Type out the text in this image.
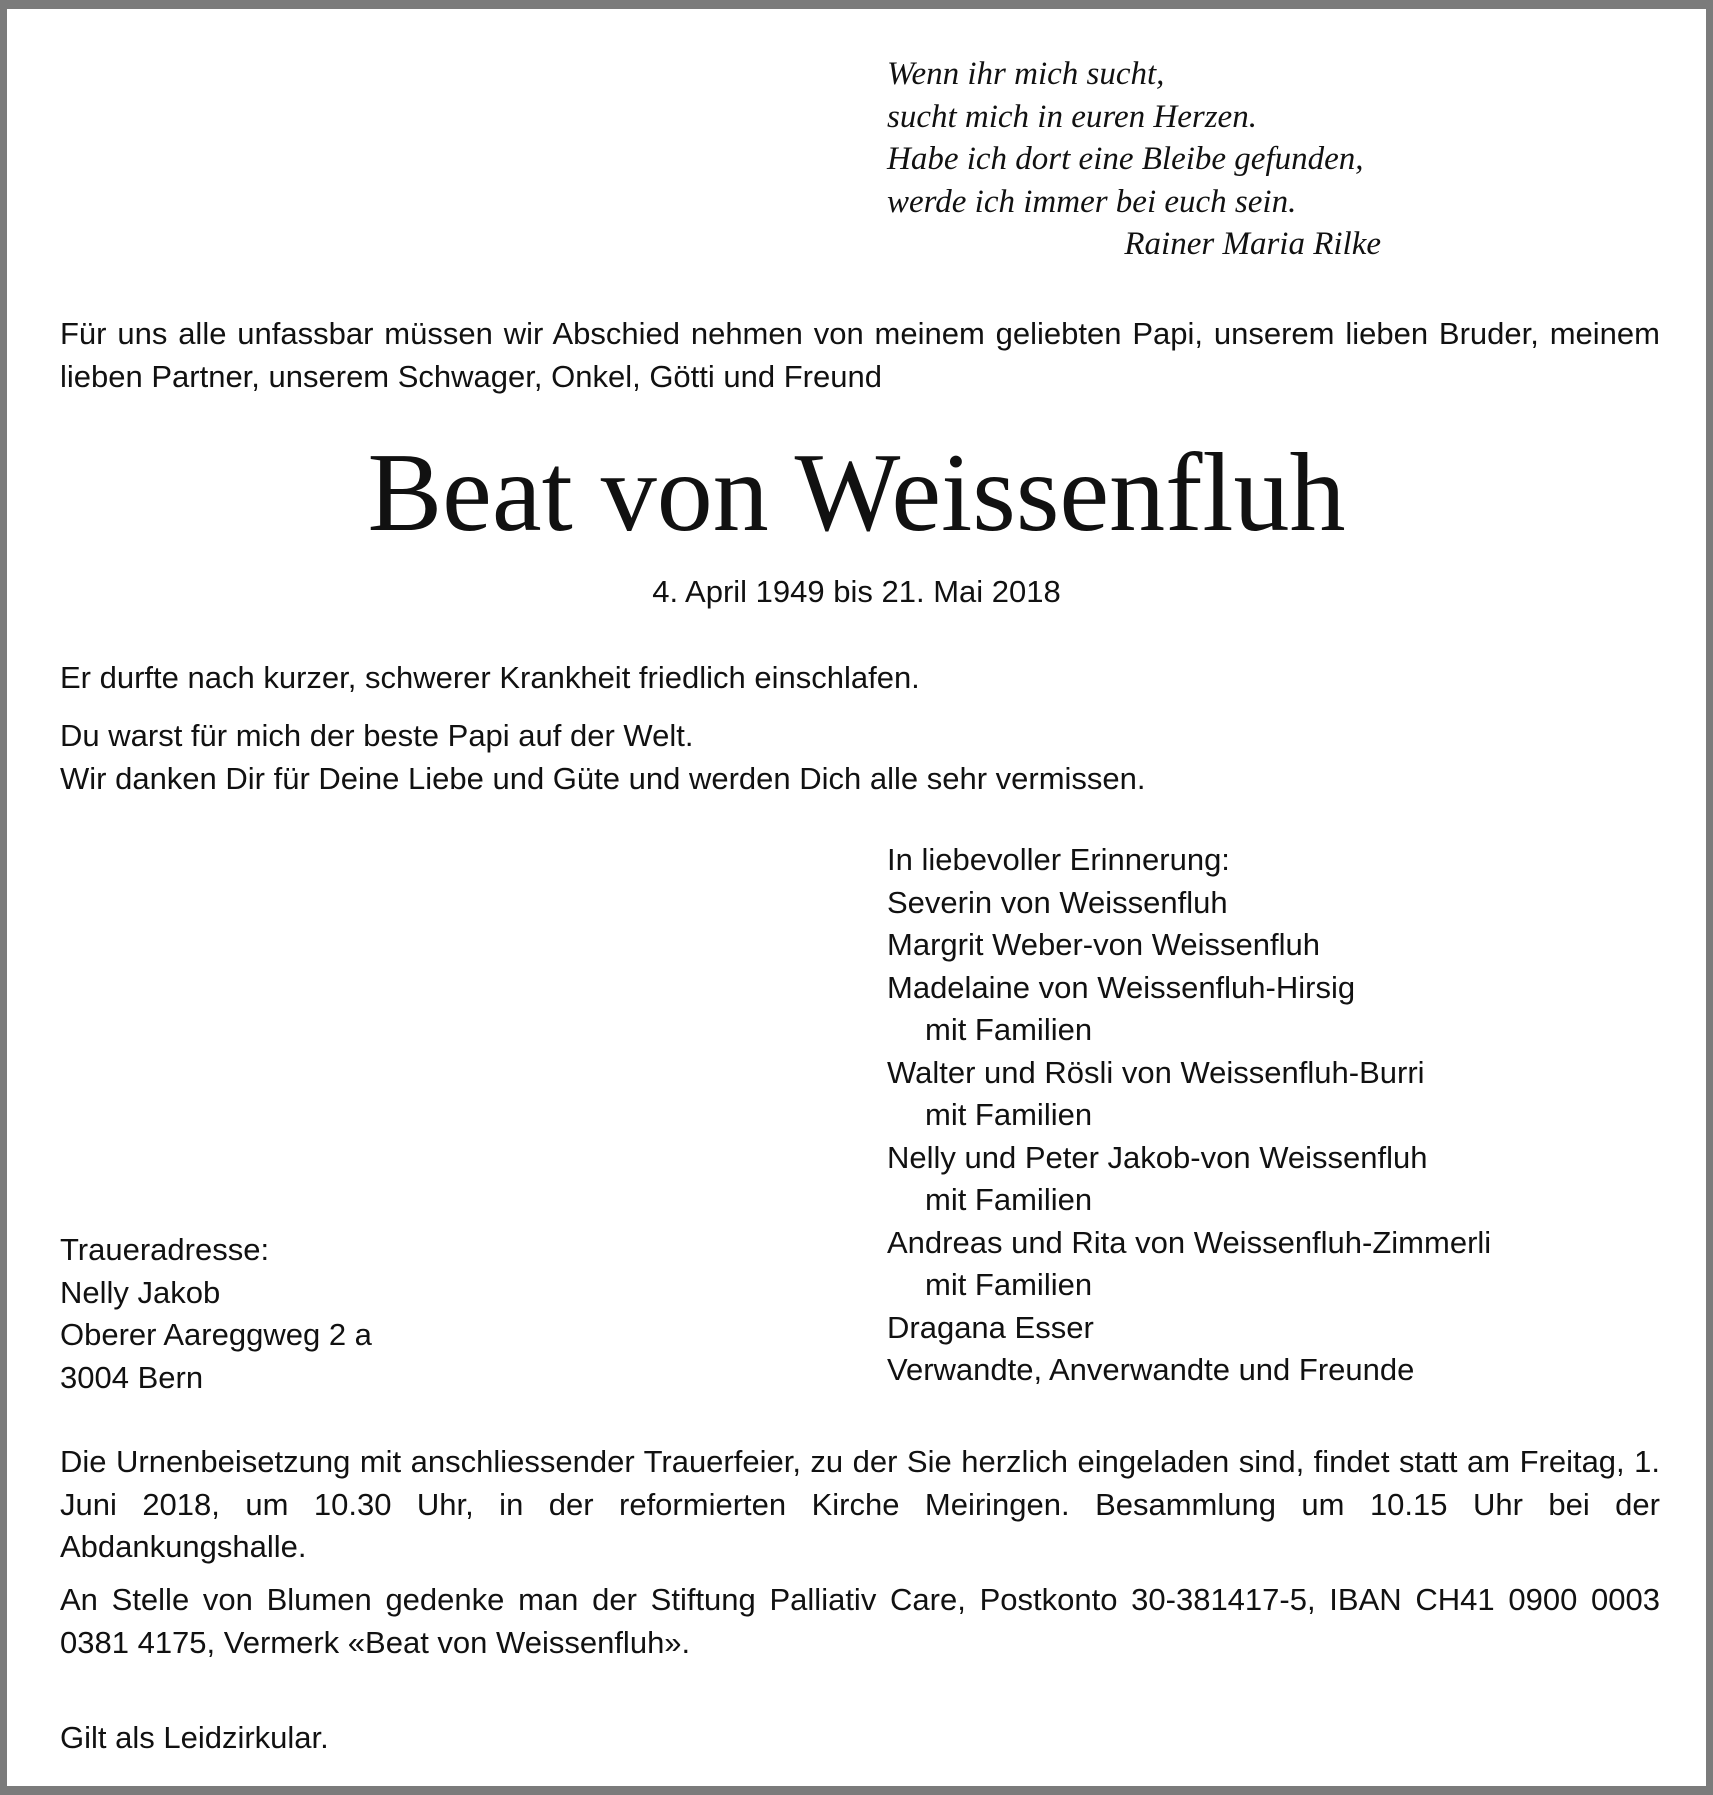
Wenn ihr mich sucht,
sucht mich in euren Herzen.
Habe ich dort eine Bleibe gefunden,
werde ich immer bei euch sein.
Rainer Maria Rilke
Für uns alle unfassbar müssen wir Abschied nehmen von meinem geliebten Papi, unserem lieben Bruder, meinem lieben Partner, unserem Schwager, Onkel, Götti und Freund
Beat von Weissenfluh
4. April 1949 bis 21. Mai 2018
Er durfte nach kurzer, schwerer Krankheit friedlich einschlafen.
Du warst für mich der beste Papi auf der Welt.
Wir danken Dir für Deine Liebe und Güte und werden Dich alle sehr vermissen.
In liebevoller Erinnerung:
Severin von Weissenfluh
Margrit Weber-von Weissenfluh
Madelaine von Weissenfluh-Hirsig
mit Familien
Walter und Rösli von Weissenfluh-Burri
mit Familien
Nelly und Peter Jakob-von Weissenfluh
mit Familien
Andreas und Rita von Weissenfluh-Zimmerli
mit Familien
Dragana Esser
Verwandte, Anverwandte und Freunde
Traueradresse:
Nelly Jakob
Oberer Aareggweg 2 a
3004 Bern
Die Urnenbeisetzung mit anschliessender Trauerfeier, zu der Sie herzlich eingeladen sind, findet statt am Freitag, 1. Juni 2018, um 10.30 Uhr, in der reformierten Kirche Meiringen. Besammlung um 10.15 Uhr bei der Abdankungshalle.
An Stelle von Blumen gedenke man der Stiftung Palliativ Care, Postkonto 30-381417-5, IBAN CH41 0900 0003 0381 4175, Vermerk «Beat von Weissenfluh».
Gilt als Leidzirkular.
